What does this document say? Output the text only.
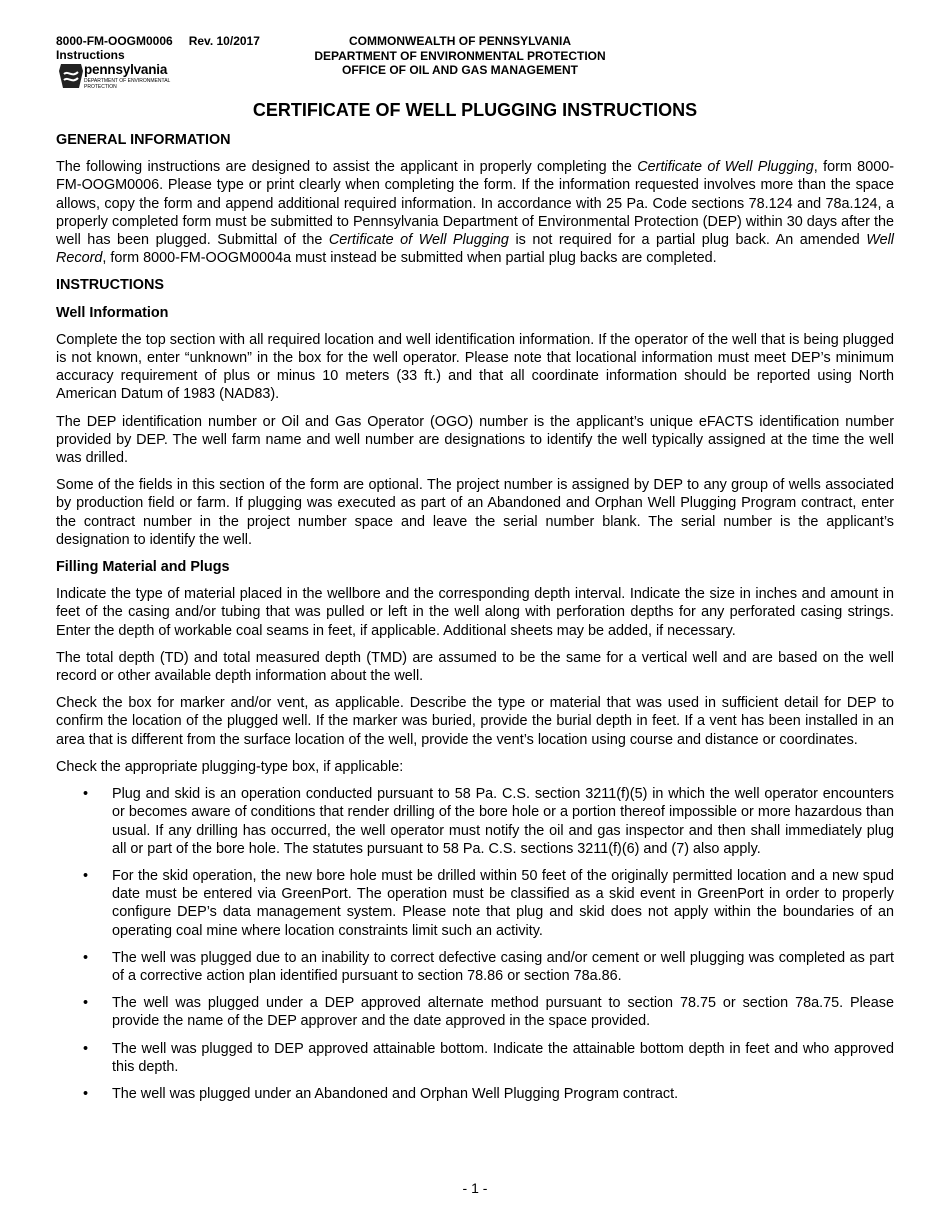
8000-FM-OOGM0006 Rev. 10/2017
Instructions
pennsylvania
DEPARTMENT OF ENVIRONMENTAL PROTECTION
COMMONWEALTH OF PENNSYLVANIA
DEPARTMENT OF ENVIRONMENTAL PROTECTION
OFFICE OF OIL AND GAS MANAGEMENT
CERTIFICATE OF WELL PLUGGING INSTRUCTIONS
GENERAL INFORMATION

The following instructions are designed to assist the applicant in properly completing the Certificate of Well Plugging, form 8000-FM-OOGM0006. Please type or print clearly when completing the form. If the information requested involves more than the space allows, copy the form and append additional required information. In accordance with 25 Pa. Code sections 78.124 and 78a.124, a properly completed form must be submitted to Pennsylvania Department of Environmental Protection (DEP) within 30 days after the well has been plugged. Submittal of the Certificate of Well Plugging is not required for a partial plug back. An amended Well Record, form 8000-FM-OOGM0004a must instead be submitted when partial plug backs are completed.

INSTRUCTIONS
Well Information

Complete the top section with all required location and well identification information. If the operator of the well that is being plugged is not known, enter “unknown” in the box for the well operator. Please note that locational information must meet DEP’s minimum accuracy requirement of plus or minus 10 meters (33 ft.) and that all coordinate information should be reported using North American Datum of 1983 (NAD83).

The DEP identification number or Oil and Gas Operator (OGO) number is the applicant’s unique eFACTS identification number provided by DEP. The well farm name and well number are designations to identify the well typically assigned at the time the well was drilled.

Some of the fields in this section of the form are optional. The project number is assigned by DEP to any group of wells associated by production field or farm. If plugging was executed as part of an Abandoned and Orphan Well Plugging Program contract, enter the contract number in the project number space and leave the serial number blank. The serial number is the applicant’s designation to identify the well.

Filling Material and Plugs

Indicate the type of material placed in the wellbore and the corresponding depth interval. Indicate the size in inches and amount in feet of the casing and/or tubing that was pulled or left in the well along with perforation depths for any perforated casing strings. Enter the depth of workable coal seams in feet, if applicable. Additional sheets may be added, if necessary.

The total depth (TD) and total measured depth (TMD) are assumed to be the same for a vertical well and are based on the well record or other available depth information about the well.

Check the box for marker and/or vent, as applicable. Describe the type or material that was used in sufficient detail for DEP to confirm the location of the plugged well. If the marker was buried, provide the burial depth in feet. If a vent has been installed in an area that is different from the surface location of the well, provide the vent’s location using course and distance or coordinates.

Check the appropriate plugging-type box, if applicable:

• Plug and skid is an operation conducted pursuant to 58 Pa. C.S. section 3211(f)(5) in which the well operator encounters or becomes aware of conditions that render drilling of the bore hole or a portion thereof impossible or more hazardous than usual. If any drilling has occurred, the well operator must notify the oil and gas inspector and then shall immediately plug all or part of the bore hole. The statutes pursuant to 58 Pa. C.S. sections 3211(f)(6) and (7) also apply.
• For the skid operation, the new bore hole must be drilled within 50 feet of the originally permitted location and a new spud date must be entered via GreenPort. The operation must be classified as a skid event in GreenPort in order to properly configure DEP’s data management system. Please note that plug and skid does not apply within the boundaries of an operating coal mine where location constraints limit such an activity.
• The well was plugged due to an inability to correct defective casing and/or cement or well plugging was completed as part of a corrective action plan identified pursuant to section 78.86 or section 78a.86.
• The well was plugged under a DEP approved alternate method pursuant to section 78.75 or section 78a.75. Please provide the name of the DEP approver and the date approved in the space provided.
• The well was plugged to DEP approved attainable bottom. Indicate the attainable bottom depth in feet and who approved this depth.
• The well was plugged under an Abandoned and Orphan Well Plugging Program contract.
- 1 -
